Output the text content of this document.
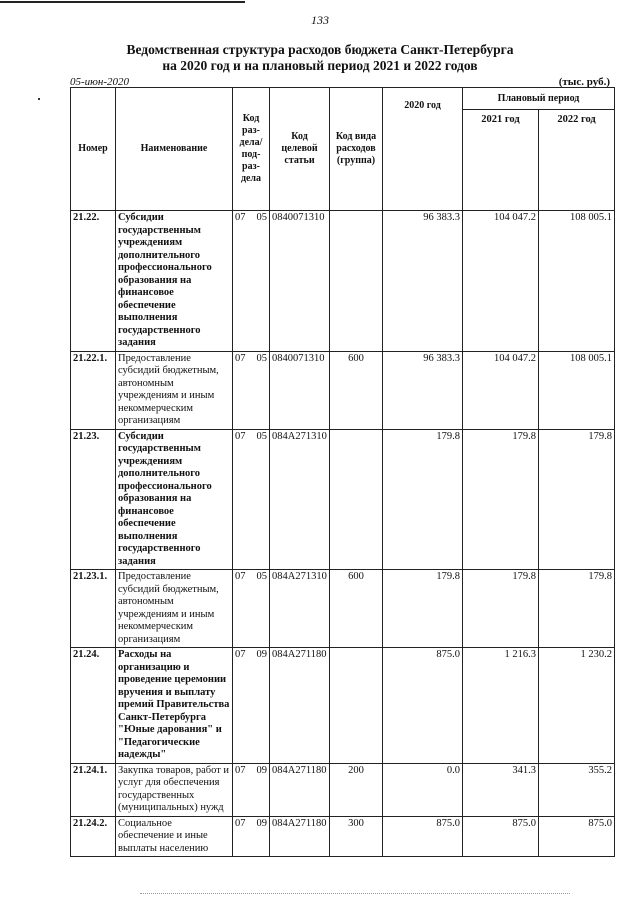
133
Ведомственная структура расходов бюджета Санкт-Петербурга
на 2020 год и на плановый период 2021 и 2022 годов
05-июн-2020	(тыс. руб.)
Номер	Наименование	Код раз-дела/ под-раз-дела	Код целевой статьи	Код вида расходов (группа)	2020 год	Плановый период	
						2021 год	2022 год
21.22.	Субсидии государственным учреждениям дополнительного профессионального образования на финансовое обеспечение выполнения государственного задания	07 05	0840071310		96 383.3	104 047.2	108 005.1
21.22.1.	Предоставление субсидий бюджетным, автономным учреждениям и иным некоммерческим организациям	07 05	0840071310	600	96 383.3	104 047.2	108 005.1
21.23.	Субсидии государственным учреждениям дополнительного профессионального образования на финансовое обеспечение выполнения государственного задания	07 05	084A271310		179.8	179.8	179.8
21.23.1.	Предоставление субсидий бюджетным, автономным учреждениям и иным некоммерческим организациям	07 05	084A271310	600	179.8	179.8	179.8
21.24.	Расходы на организацию и проведение церемонии вручения и выплату премий Правительства Санкт-Петербурга "Юные дарования" и "Педагогические надежды"	07 09	084A271180		875.0	1 216.3	1 230.2
21.24.1.	Закупка товаров, работ и услуг для обеспечения государственных (муниципальных) нужд	07 09	084A271180	200	0.0	341.3	355.2
21.24.2.	Социальное обеспечение и иные выплаты населению	07 09	084A271180	300	875.0	875.0	875.0
